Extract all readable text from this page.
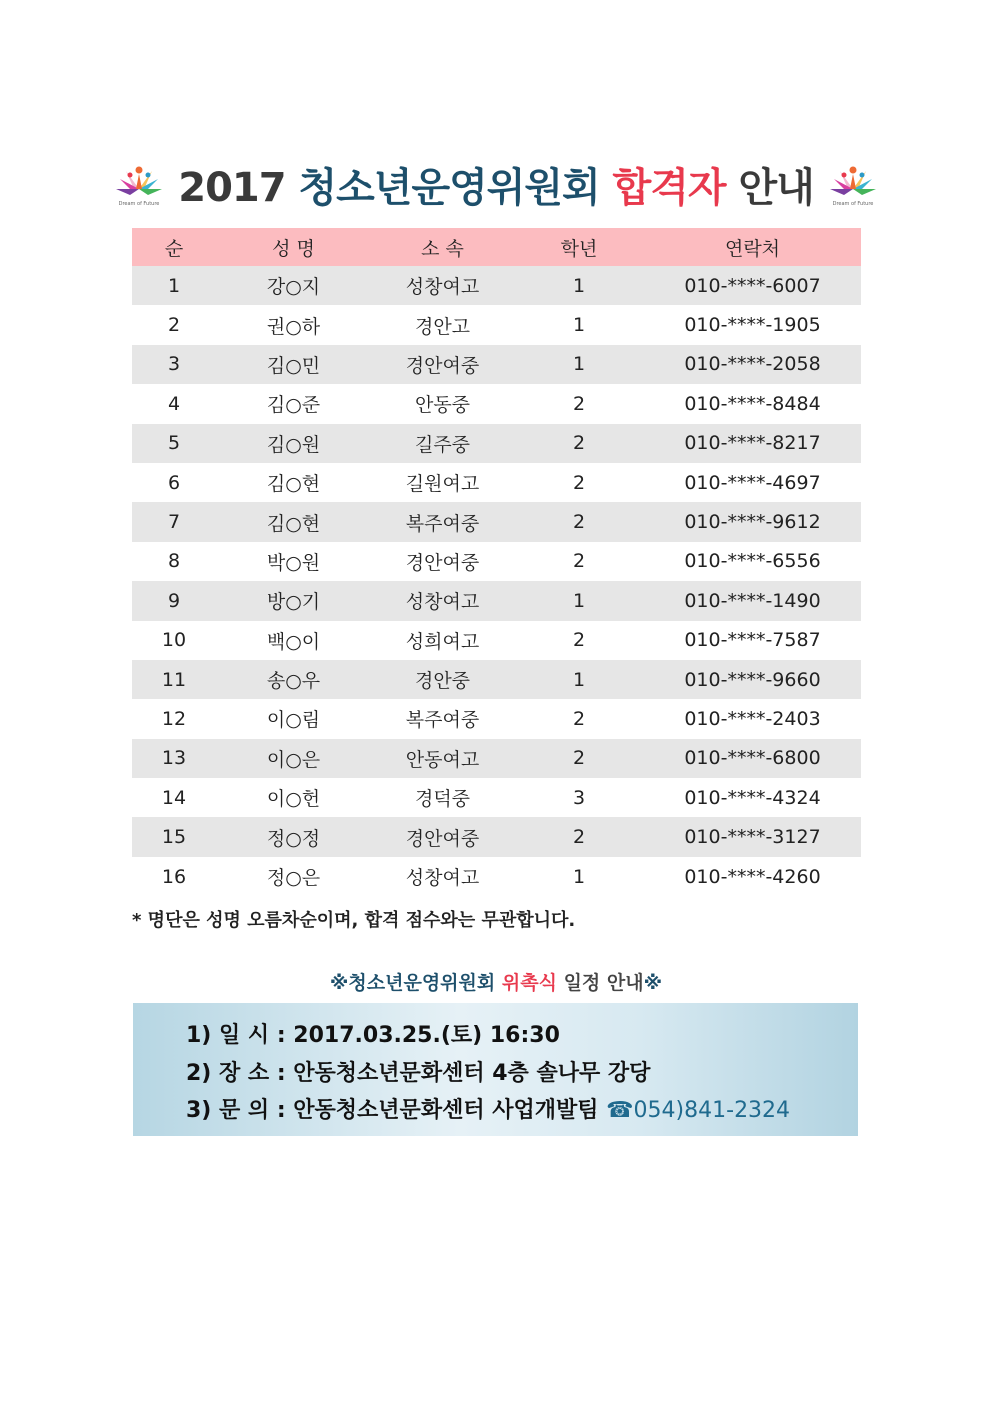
Dream of Future 2017 청소년운영위원회 합격자 안내	Dream of Future
순	성 명	소 속	학년	연락처
1	강○지	성창여고	1	010-****-6007
2	권○하	경안고	1	010-****-1905
3	김○민	경안여중	1	010-****-2058
4	김○준	안동중	2	010-****-8484
5	김○원	길주중	2	010-****-8217
6	김○현	길원여고	2	010-****-4697
7	김○현	복주여중	2	010-****-9612
8	박○원	경안여중	2	010-****-6556
9	방○기	성창여고	1	010-****-1490
10	백○이	성희여고	2	010-****-7587
11	송○우	경안중	1	010-****-9660
12	이○림	복주여중	2	010-****-2403
13	이○은	안동여고	2	010-****-6800
14	이○헌	경덕중	3	010-****-4324
15	정○정	경안여중	2	010-****-3127
16	정○은	성창여고	1	010-****-4260
* 명단은 성명 오름차순이며, 합격 점수와는 무관합니다.
※청소년운영위원회 위촉식 일정 안내※
1) 일 시 : 2017.03.25.(토) 16:30
2) 장 소 : 안동청소년문화센터 4층 솔나무 강당
3) 문 의 : 안동청소년문화센터 사업개발팀 ☎054)841-2324
